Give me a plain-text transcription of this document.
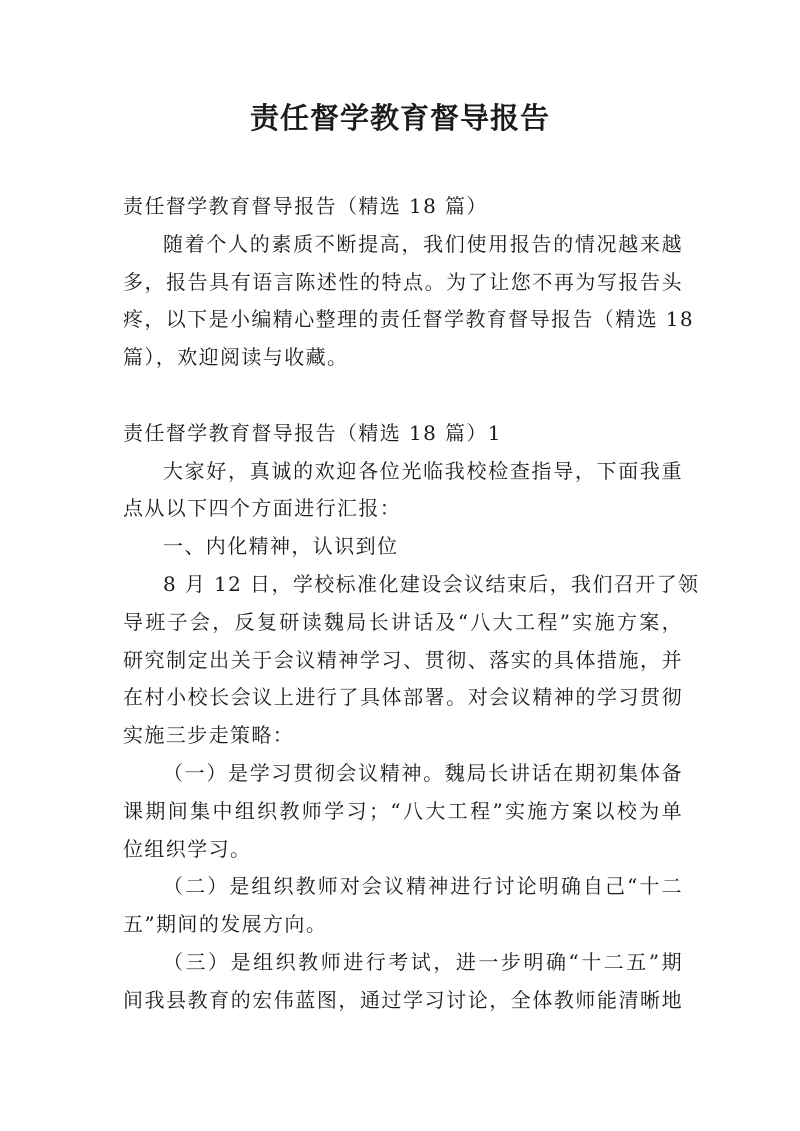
责任督学教育督导报告
责任督学教育督导报告（精选 18 篇）
随着个人的素质不断提高，我们使用报告的情况越来越
多，报告具有语言陈述性的特点。为了让您不再为写报告头
疼，以下是小编精心整理的责任督学教育督导报告（精选 18
篇），欢迎阅读与收藏。
责任督学教育督导报告（精选 18 篇）1
大家好，真诚的欢迎各位光临我校检查指导，下面我重
点从以下四个方面进行汇报：
一、内化精神，认识到位
8 月 12 日，学校标准化建设会议结束后，我们召开了领
导班子会，反复研读魏局长讲话及“八大工程”实施方案，
研究制定出关于会议精神学习、贯彻、落实的具体措施，并
在村小校长会议上进行了具体部署。对会议精神的学习贯彻
实施三步走策略：
（一）是学习贯彻会议精神。魏局长讲话在期初集体备
课期间集中组织教师学习；“八大工程”实施方案以校为单
位组织学习。
（二）是组织教师对会议精神进行讨论明确自己“十二
五”期间的发展方向。
（三）是组织教师进行考试，进一步明确“十二五”期
间我县教育的宏伟蓝图，通过学习讨论，全体教师能清晰地
